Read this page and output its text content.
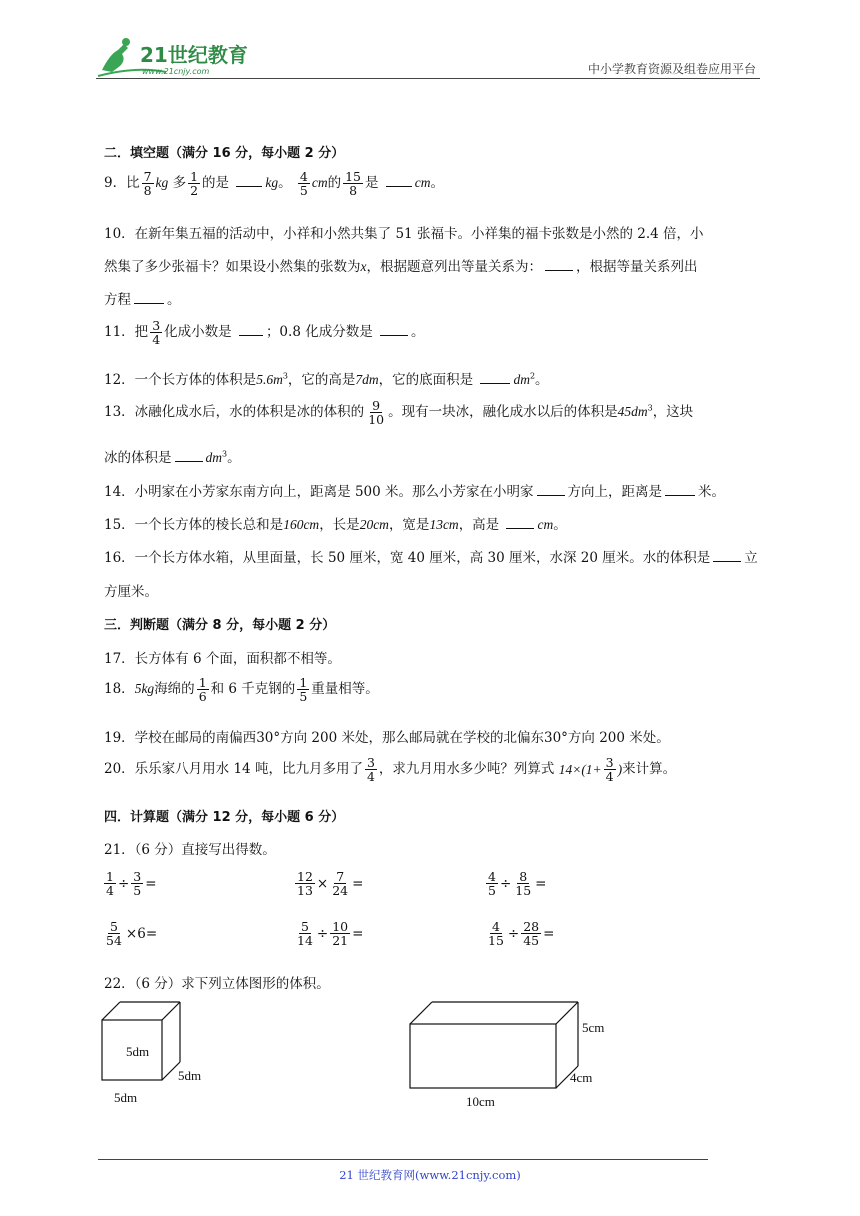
21世纪教育
www.21cnjy.com	中小学教育资源及组卷应用平台
二．填空题（满分 16 分，每小题 2 分）
9．比 $\frac{7}{8}$ kg 多 $\frac{1}{2}$ 的是	kg。 $\frac{4}{5}$ cm的 $\frac{15}{8}$ 是	cm。
10．在新年集五福的活动中，小祥和小然共集了 51 张福卡。小祥集的福卡张数是小然的 2.4 倍，小
然集了多少张福卡？如果设小然集的张数为x，根据题意列出等量关系为：	，根据等量关系列出
方程	。
11．把 $\frac{3}{4}$ 化成小数是	；0.8 化成分数是	。
12．一个长方体的体积是$5.6m^3$，它的高是7dm，它的底面积是	$dm^2$。
13．冰融化成水后，水的体积是冰的体积的 $\frac{9}{10}$ 。现有一块冰，融化成水以后的体积是$45dm^3$，这块
冰的体积是	$dm^3$。
14．小明家在小芳家东南方向上，距离是 500 米。那么小芳家在小明家	方向上，距离是	米。
15．一个长方体的棱长总和是160cm，长是20cm，宽是13cm，高是	cm。
16．一个长方体水箱，从里面量，长 50 厘米，宽 40 厘米，高 30 厘米，水深 20 厘米。水的体积是	立
方厘米。
三．判断题（满分 8 分，每小题 2 分）
17．长方体有 6 个面，面积都不相等。
18．5kg海绵的 $\frac{1}{6}$ 和 6 千克钢的 $\frac{1}{5}$ 重量相等。
19．学校在邮局的南偏西30°方向 200 米处，那么邮局就在学校的北偏东30°方向 200 米处。
20．乐乐家八月用水 14 吨，比九月多用了 $\frac{3}{4}$ ，求九月用水多少吨？列算式 $14\times(1+ \frac{3}{4}$ ) 来计算。
四．计算题（满分 12 分，每小题 6 分）
21．（6 分）直接写出得数。
$\frac{1}{4} \div \frac{3}{5}$ =	$\frac{12}{13} \times \frac{7}{24}$ =	$\frac{4}{5} \div \frac{8}{15}$ =
$\frac{5}{54} \times 6$ =	$\frac{5}{14} \div \frac{10}{21}$ =	$\frac{4}{15} \div \frac{28}{45}$ =
22．（6 分）求下列立体图形的体积。
5dm
5dm
5dm
5cm
4cm
10cm
21 世纪教育网(www.21cnjy.com)
